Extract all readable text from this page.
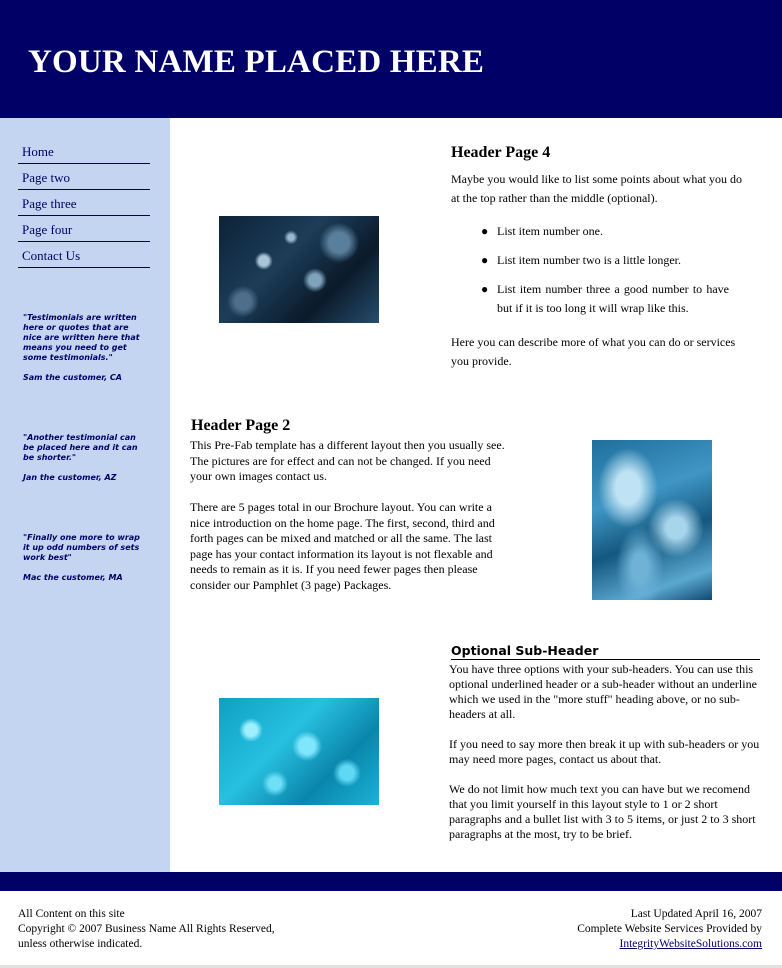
YOUR NAME PLACED HERE
Home
Page two
Page three
Page four
Contact Us

"Testimonials are written here or quotes that are nice are written here that means you need to get some testimonials."

Sam the customer, CA

"Another testimonial can be placed here and it can be shorter."

Jan the customer, AZ

"Finally one more to wrap it up odd numbers of sets work best"

Mac the customer, MA

Header Page 4

Maybe you would like to list some points about what you do at the top rather than the middle (optional).

● List item number one.
● List item number two is a little longer.
● List item number three a good number to have but if it is too long it will wrap like this.

Here you can describe more of what you can do or services you provide.

Header Page 2

This Pre-Fab template has a different layout then you usually see. The pictures are for effect and can not be changed. If you need your own images contact us.

There are 5 pages total in our Brochure layout. You can write a nice introduction on the home page. The first, second, third and forth pages can be mixed and matched or all the same. The last page has your contact information its layout is not flexable and needs to remain as it is. If you need fewer pages then please consider our Pamphlet (3 page) Packages.

Optional Sub-Header

You have three options with your sub-headers. You can use this optional underlined header or a sub-header without an underline which we used in the "more stuff" heading above, or no sub-headers at all.

If you need to say more then break it up with sub-headers or you may need more pages, contact us about that.

We do not limit how much text you can have but we recomend that you limit yourself in this layout style to 1 or 2 short paragraphs and a bullet list with 3 to 5 items, or just 2 to 3 short paragraphs at the most, try to be brief.

All Content on this site
Copyright © 2007 Business Name All Rights Reserved,
unless otherwise indicated.
Last Updated April 16, 2007
Complete Website Services Provided by
IntegrityWebsiteSolutions.com
